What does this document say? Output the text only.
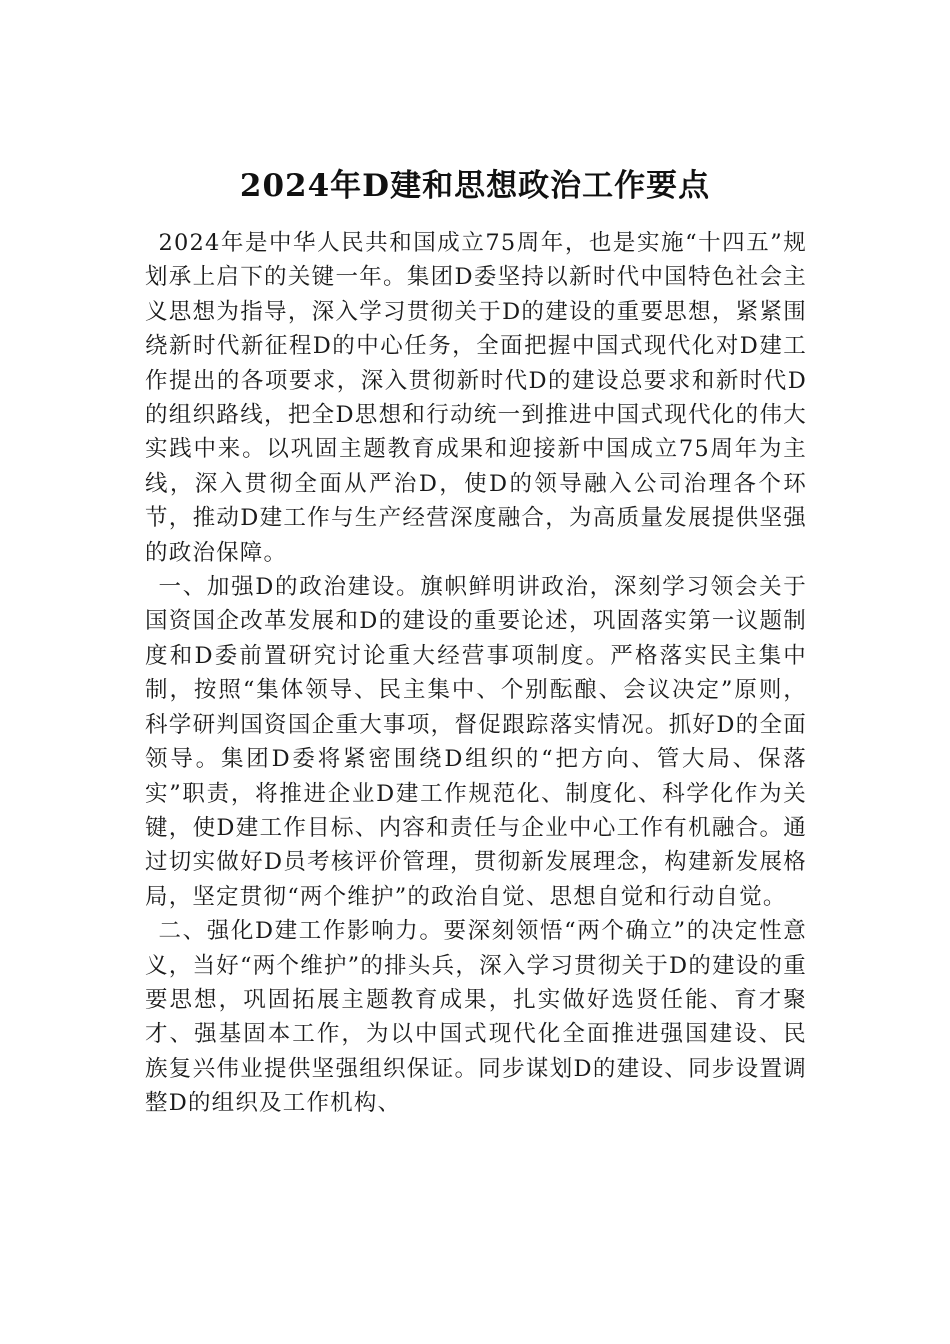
2024年D建和思想政治工作要点

2024年是中华人民共和国成立75周年，也是实施“十四五”规划承上启下的关键一年。集团D委坚持以新时代中国特色社会主义思想为指导，深入学习贯彻关于D的建设的重要思想，紧紧围绕新时代新征程D的中心任务，全面把握中国式现代化对D建工作提出的各项要求，深入贯彻新时代D的建设总要求和新时代D的组织路线，把全D思想和行动统一到推进中国式现代化的伟大实践中来。以巩固主题教育成果和迎接新中国成立75周年为主线，深入贯彻全面从严治D，使D的领导融入公司治理各个环节，推动D建工作与生产经营深度融合，为高质量发展提供坚强的政治保障。

一、加强D的政治建设。旗帜鲜明讲政治，深刻学习领会关于国资国企改革发展和D的建设的重要论述，巩固落实第一议题制度和D委前置研究讨论重大经营事项制度。严格落实民主集中制，按照“集体领导、民主集中、个别酝酿、会议决定”原则，科学研判国资国企重大事项，督促跟踪落实情况。抓好D的全面领导。集团D委将紧密围绕D组织的“把方向、管大局、保落实”职责，将推进企业D建工作规范化、制度化、科学化作为关键，使D建工作目标、内容和责任与企业中心工作有机融合。通过切实做好D员考核评价管理，贯彻新发展理念，构建新发展格局，坚定贯彻“两个维护”的政治自觉、思想自觉和行动自觉。

二、强化D建工作影响力。要深刻领悟“两个确立”的决定性意义，当好“两个维护”的排头兵，深入学习贯彻关于D的建设的重要思想，巩固拓展主题教育成果，扎实做好选贤任能、育才聚才、强基固本工作，为以中国式现代化全面推进强国建设、民族复兴伟业提供坚强组织保证。同步谋划D的建设、同步设置调整D的组织及工作机构、
